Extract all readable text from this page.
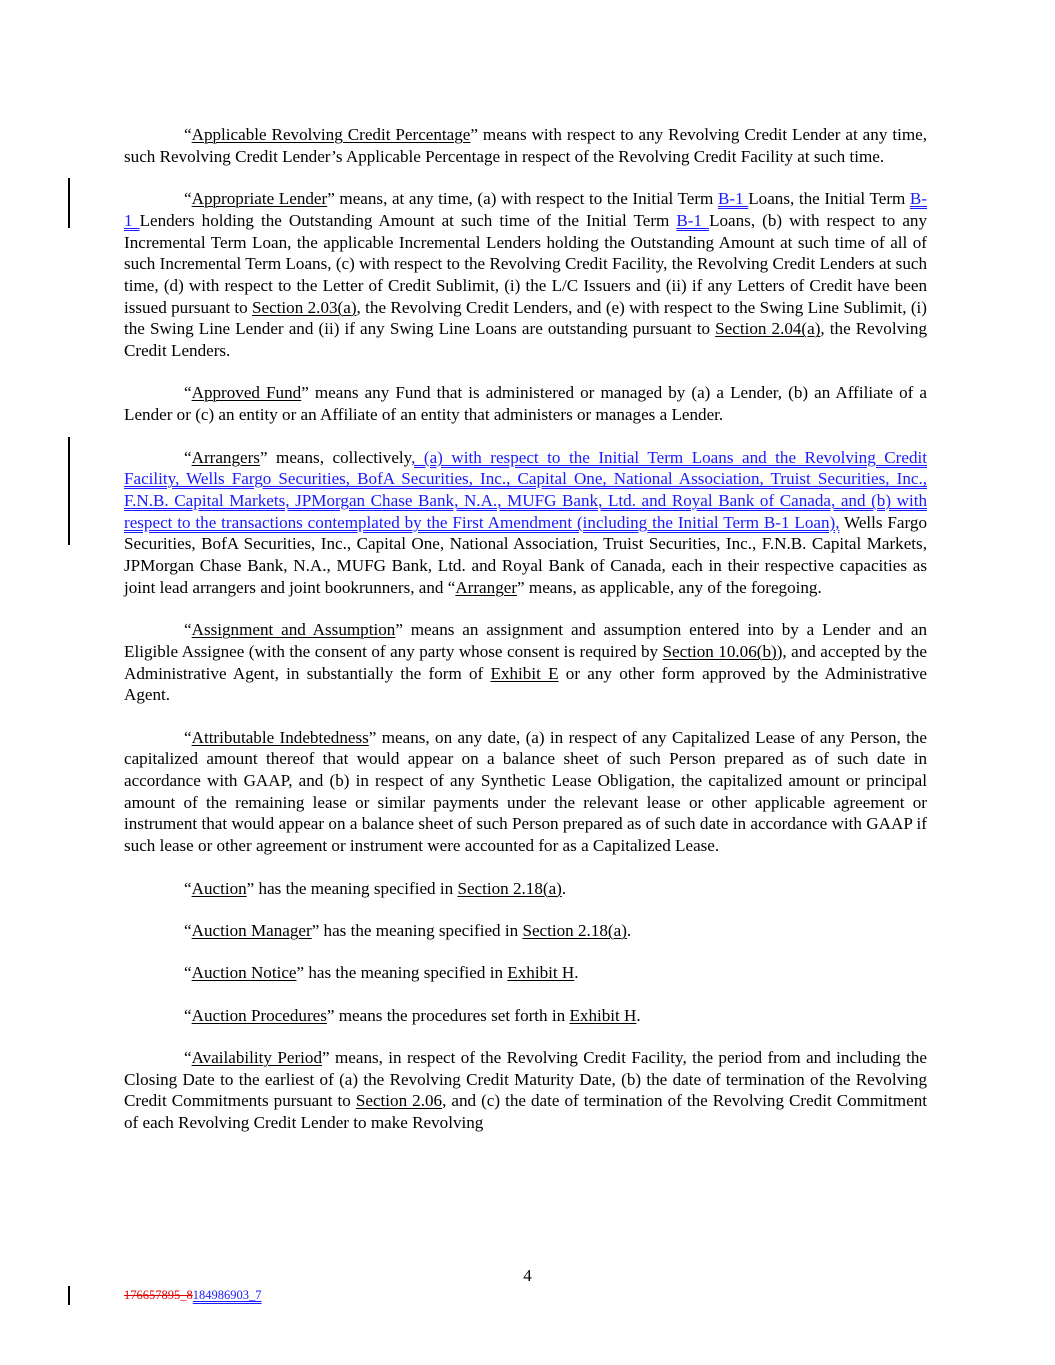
“Applicable Revolving Credit Percentage” means with respect to any Revolving Credit Lender at any time, such Revolving Credit Lender’s Applicable Percentage in respect of the Revolving Credit Facility at such time.

“Appropriate Lender” means, at any time, (a) with respect to the Initial Term B-1 Loans, the Initial Term B-1 Lenders holding the Outstanding Amount at such time of the Initial Term B-1 Loans, (b) with respect to any Incremental Term Loan, the applicable Incremental Lenders holding the Outstanding Amount at such time of all of such Incremental Term Loans, (c) with respect to the Revolving Credit Facility, the Revolving Credit Lenders at such time, (d) with respect to the Letter of Credit Sublimit, (i) the L/C Issuers and (ii) if any Letters of Credit have been issued pursuant to Section 2.03(a), the Revolving Credit Lenders, and (e) with respect to the Swing Line Sublimit, (i) the Swing Line Lender and (ii) if any Swing Line Loans are outstanding pursuant to Section 2.04(a), the Revolving Credit Lenders.

“Approved Fund” means any Fund that is administered or managed by (a) a Lender, (b) an Affiliate of a Lender or (c) an entity or an Affiliate of an entity that administers or manages a Lender.

“Arrangers” means, collectively, (a) with respect to the Initial Term Loans and the Revolving Credit Facility, Wells Fargo Securities, BofA Securities, Inc., Capital One, National Association, Truist Securities, Inc., F.N.B. Capital Markets, JPMorgan Chase Bank, N.A., MUFG Bank, Ltd. and Royal Bank of Canada, and (b) with respect to the transactions contemplated by the First Amendment (including the Initial Term B-1 Loan), Wells Fargo Securities, BofA Securities, Inc., Capital One, National Association, Truist Securities, Inc., F.N.B. Capital Markets, JPMorgan Chase Bank, N.A., MUFG Bank, Ltd. and Royal Bank of Canada, each in their respective capacities as joint lead arrangers and joint bookrunners, and “Arranger” means, as applicable, any of the foregoing.

“Assignment and Assumption” means an assignment and assumption entered into by a Lender and an Eligible Assignee (with the consent of any party whose consent is required by Section 10.06(b)), and accepted by the Administrative Agent, in substantially the form of Exhibit E or any other form approved by the Administrative Agent.

“Attributable Indebtedness” means, on any date, (a) in respect of any Capitalized Lease of any Person, the capitalized amount thereof that would appear on a balance sheet of such Person prepared as of such date in accordance with GAAP, and (b) in respect of any Synthetic Lease Obligation, the capitalized amount or principal amount of the remaining lease or similar payments under the relevant lease or other applicable agreement or instrument that would appear on a balance sheet of such Person prepared as of such date in accordance with GAAP if such lease or other agreement or instrument were accounted for as a Capitalized Lease.

“Auction” has the meaning specified in Section 2.18(a).

“Auction Manager” has the meaning specified in Section 2.18(a).

“Auction Notice” has the meaning specified in Exhibit H.

“Auction Procedures” means the procedures set forth in Exhibit H.

“Availability Period” means, in respect of the Revolving Credit Facility, the period from and including the Closing Date to the earliest of (a) the Revolving Credit Maturity Date, (b) the date of termination of the Revolving Credit Commitments pursuant to Section 2.06, and (c) the date of termination of the Revolving Credit Commitment of each Revolving Credit Lender to make Revolving

4
176657895_8184986903_7
